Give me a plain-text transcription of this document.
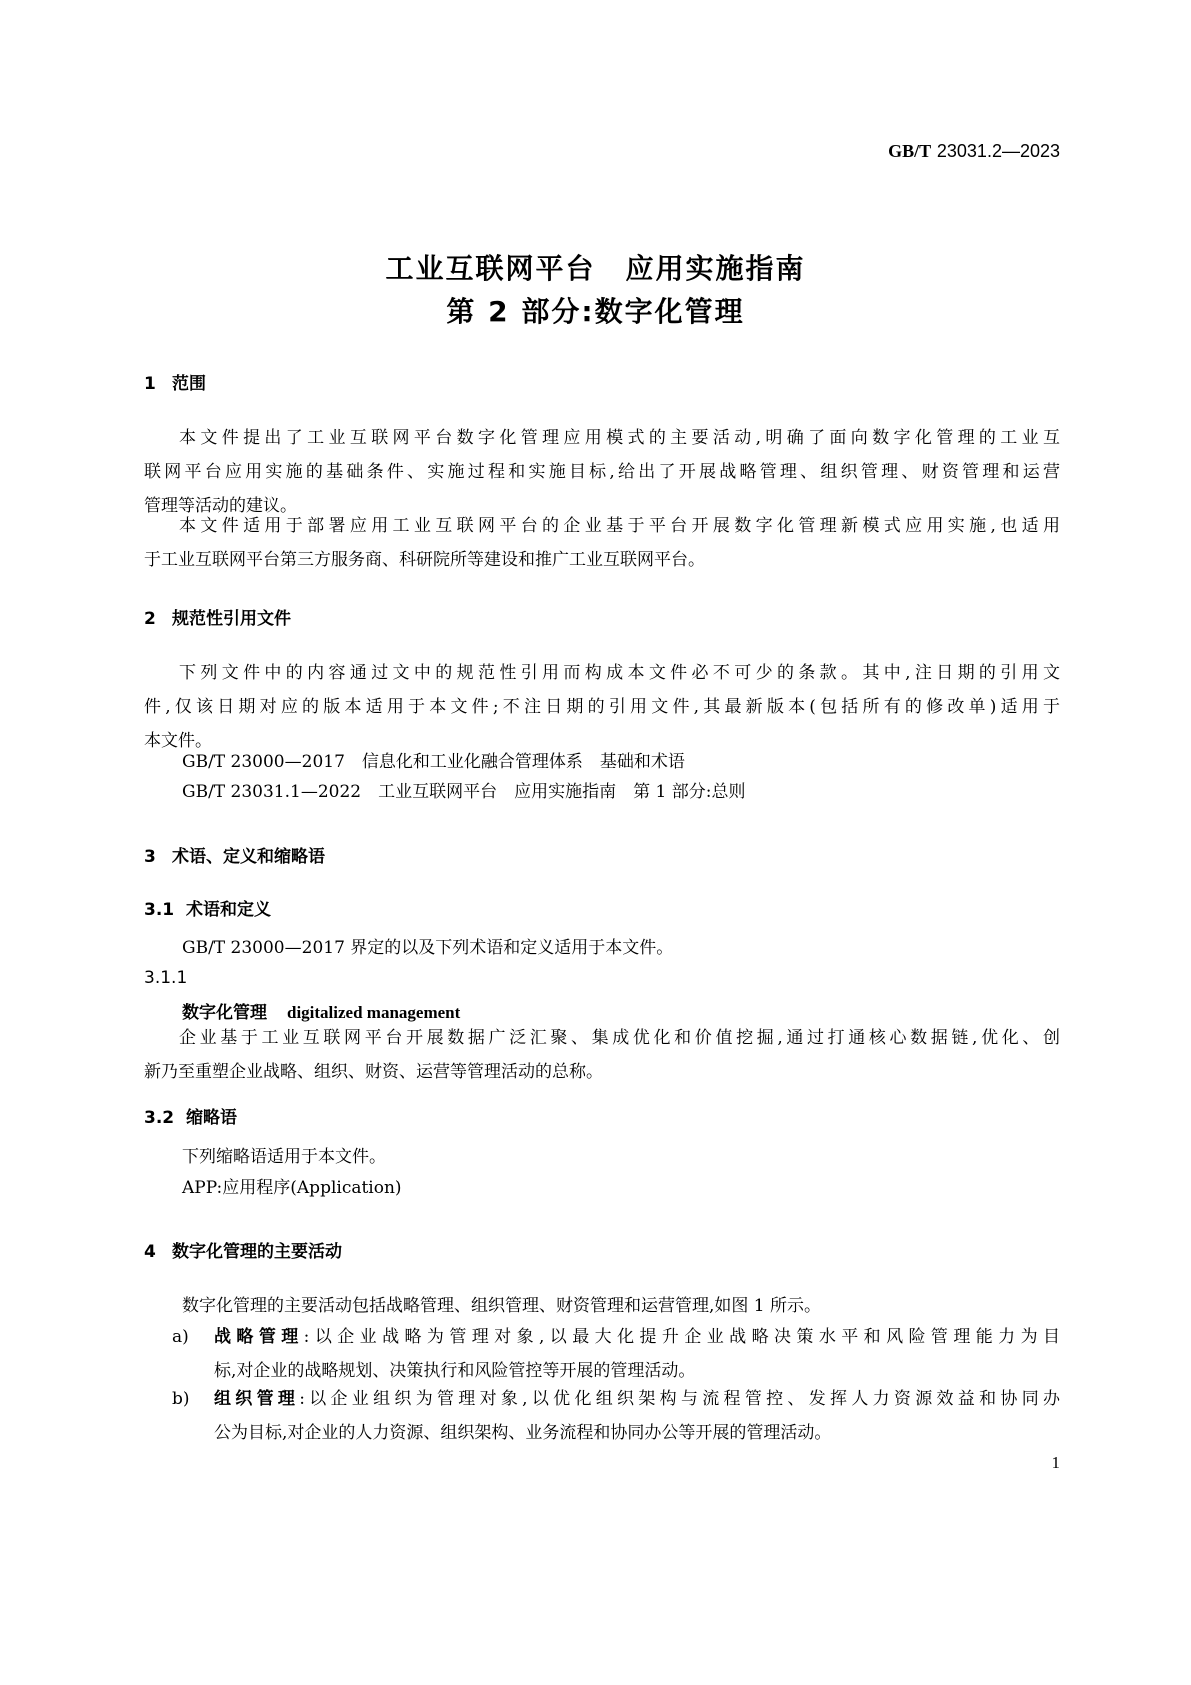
GB/T 23031.2—2023
工业互联网平台　应用实施指南
第 2 部分:数字化管理
1 范围
本文件提出了工业互联网平台数字化管理应用模式的主要活动,明确了面向数字化管理的工业互
联网平台应用实施的基础条件、实施过程和实施目标,给出了开展战略管理、组织管理、财资管理和运营
管理等活动的建议。
本文件适用于部署应用工业互联网平台的企业基于平台开展数字化管理新模式应用实施,也适用
于工业互联网平台第三方服务商、科研院所等建设和推广工业互联网平台。
2 规范性引用文件
下列文件中的内容通过文中的规范性引用而构成本文件必不可少的条款。其中,注日期的引用文
件,仅该日期对应的版本适用于本文件;不注日期的引用文件,其最新版本(包括所有的修改单)适用于
本文件。
GB/T 23000—2017　信息化和工业化融合管理体系　基础和术语
GB/T 23031.1—2022　工业互联网平台　应用实施指南　第 1 部分:总则
3 术语、定义和缩略语
3.1 术语和定义
GB/T 23000—2017 界定的以及下列术语和定义适用于本文件。
3.1.1
数字化管理 digitalized management
企业基于工业互联网平台开展数据广泛汇聚、集成优化和价值挖掘,通过打通核心数据链,优化、创
新乃至重塑企业战略、组织、财资、运营等管理活动的总称。
3.2 缩略语
下列缩略语适用于本文件。
APP:应用程序(Application)
4 数字化管理的主要活动
数字化管理的主要活动包括战略管理、组织管理、财资管理和运营管理,如图 1 所示。
a) 战略管理:以企业战略为管理对象,以最大化提升企业战略决策水平和风险管理能力为目
标,对企业的战略规划、决策执行和风险管控等开展的管理活动。
b) 组织管理:以企业组织为管理对象,以优化组织架构与流程管控、发挥人力资源效益和协同办
公为目标,对企业的人力资源、组织架构、业务流程和协同办公等开展的管理活动。
1
